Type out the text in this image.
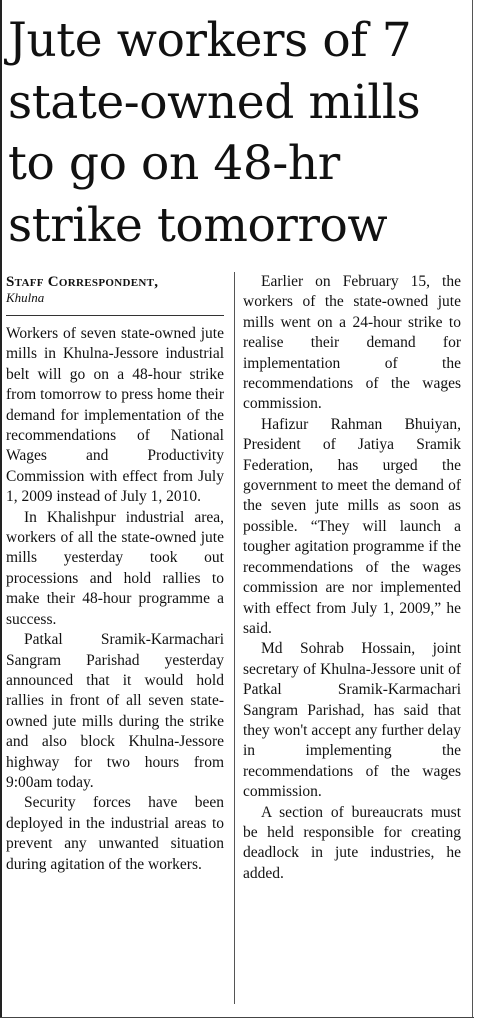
Jute workers of 7
state-owned mills
to go on 48-hr
strike tomorrow
Staff Correspondent,
Khulna

Workers of seven state-owned jute mills in Khulna-Jessore industrial belt will go on a 48-hour strike from tomorrow to press home their demand for implementation of the recommendations of National Wages and Productivity Commission with effect from July 1, 2009 instead of July 1, 2010.

In Khalishpur industrial area, workers of all the state-owned jute mills yesterday took out processions and hold rallies to make their 48-hour programme a success.

Patkal Sramik-Karmachari Sangram Parishad yesterday announced that it would hold rallies in front of all seven state-owned jute mills during the strike and also block Khulna-Jessore highway for two hours from 9:00am today.

Security forces have been deployed in the industrial areas to prevent any unwanted situation during agitation of the workers.

Earlier on February 15, the workers of the state-owned jute mills went on a 24-hour strike to realise their demand for implementation of the recommendations of the wages commission.

Hafizur Rahman Bhuiyan, President of Jatiya Sramik Federation, has urged the government to meet the demand of the seven jute mills as soon as possible. “They will launch a tougher agitation programme if the recommendations of the wages commission are nor implemented with effect from July 1, 2009,” he said.

Md Sohrab Hossain, joint secretary of Khulna-Jessore unit of Patkal Sramik-Karmachari Sangram Parishad, has said that they won't accept any further delay in implementing the recommendations of the wages commission.

A section of bureaucrats must be held responsible for creating deadlock in jute industries, he added.
